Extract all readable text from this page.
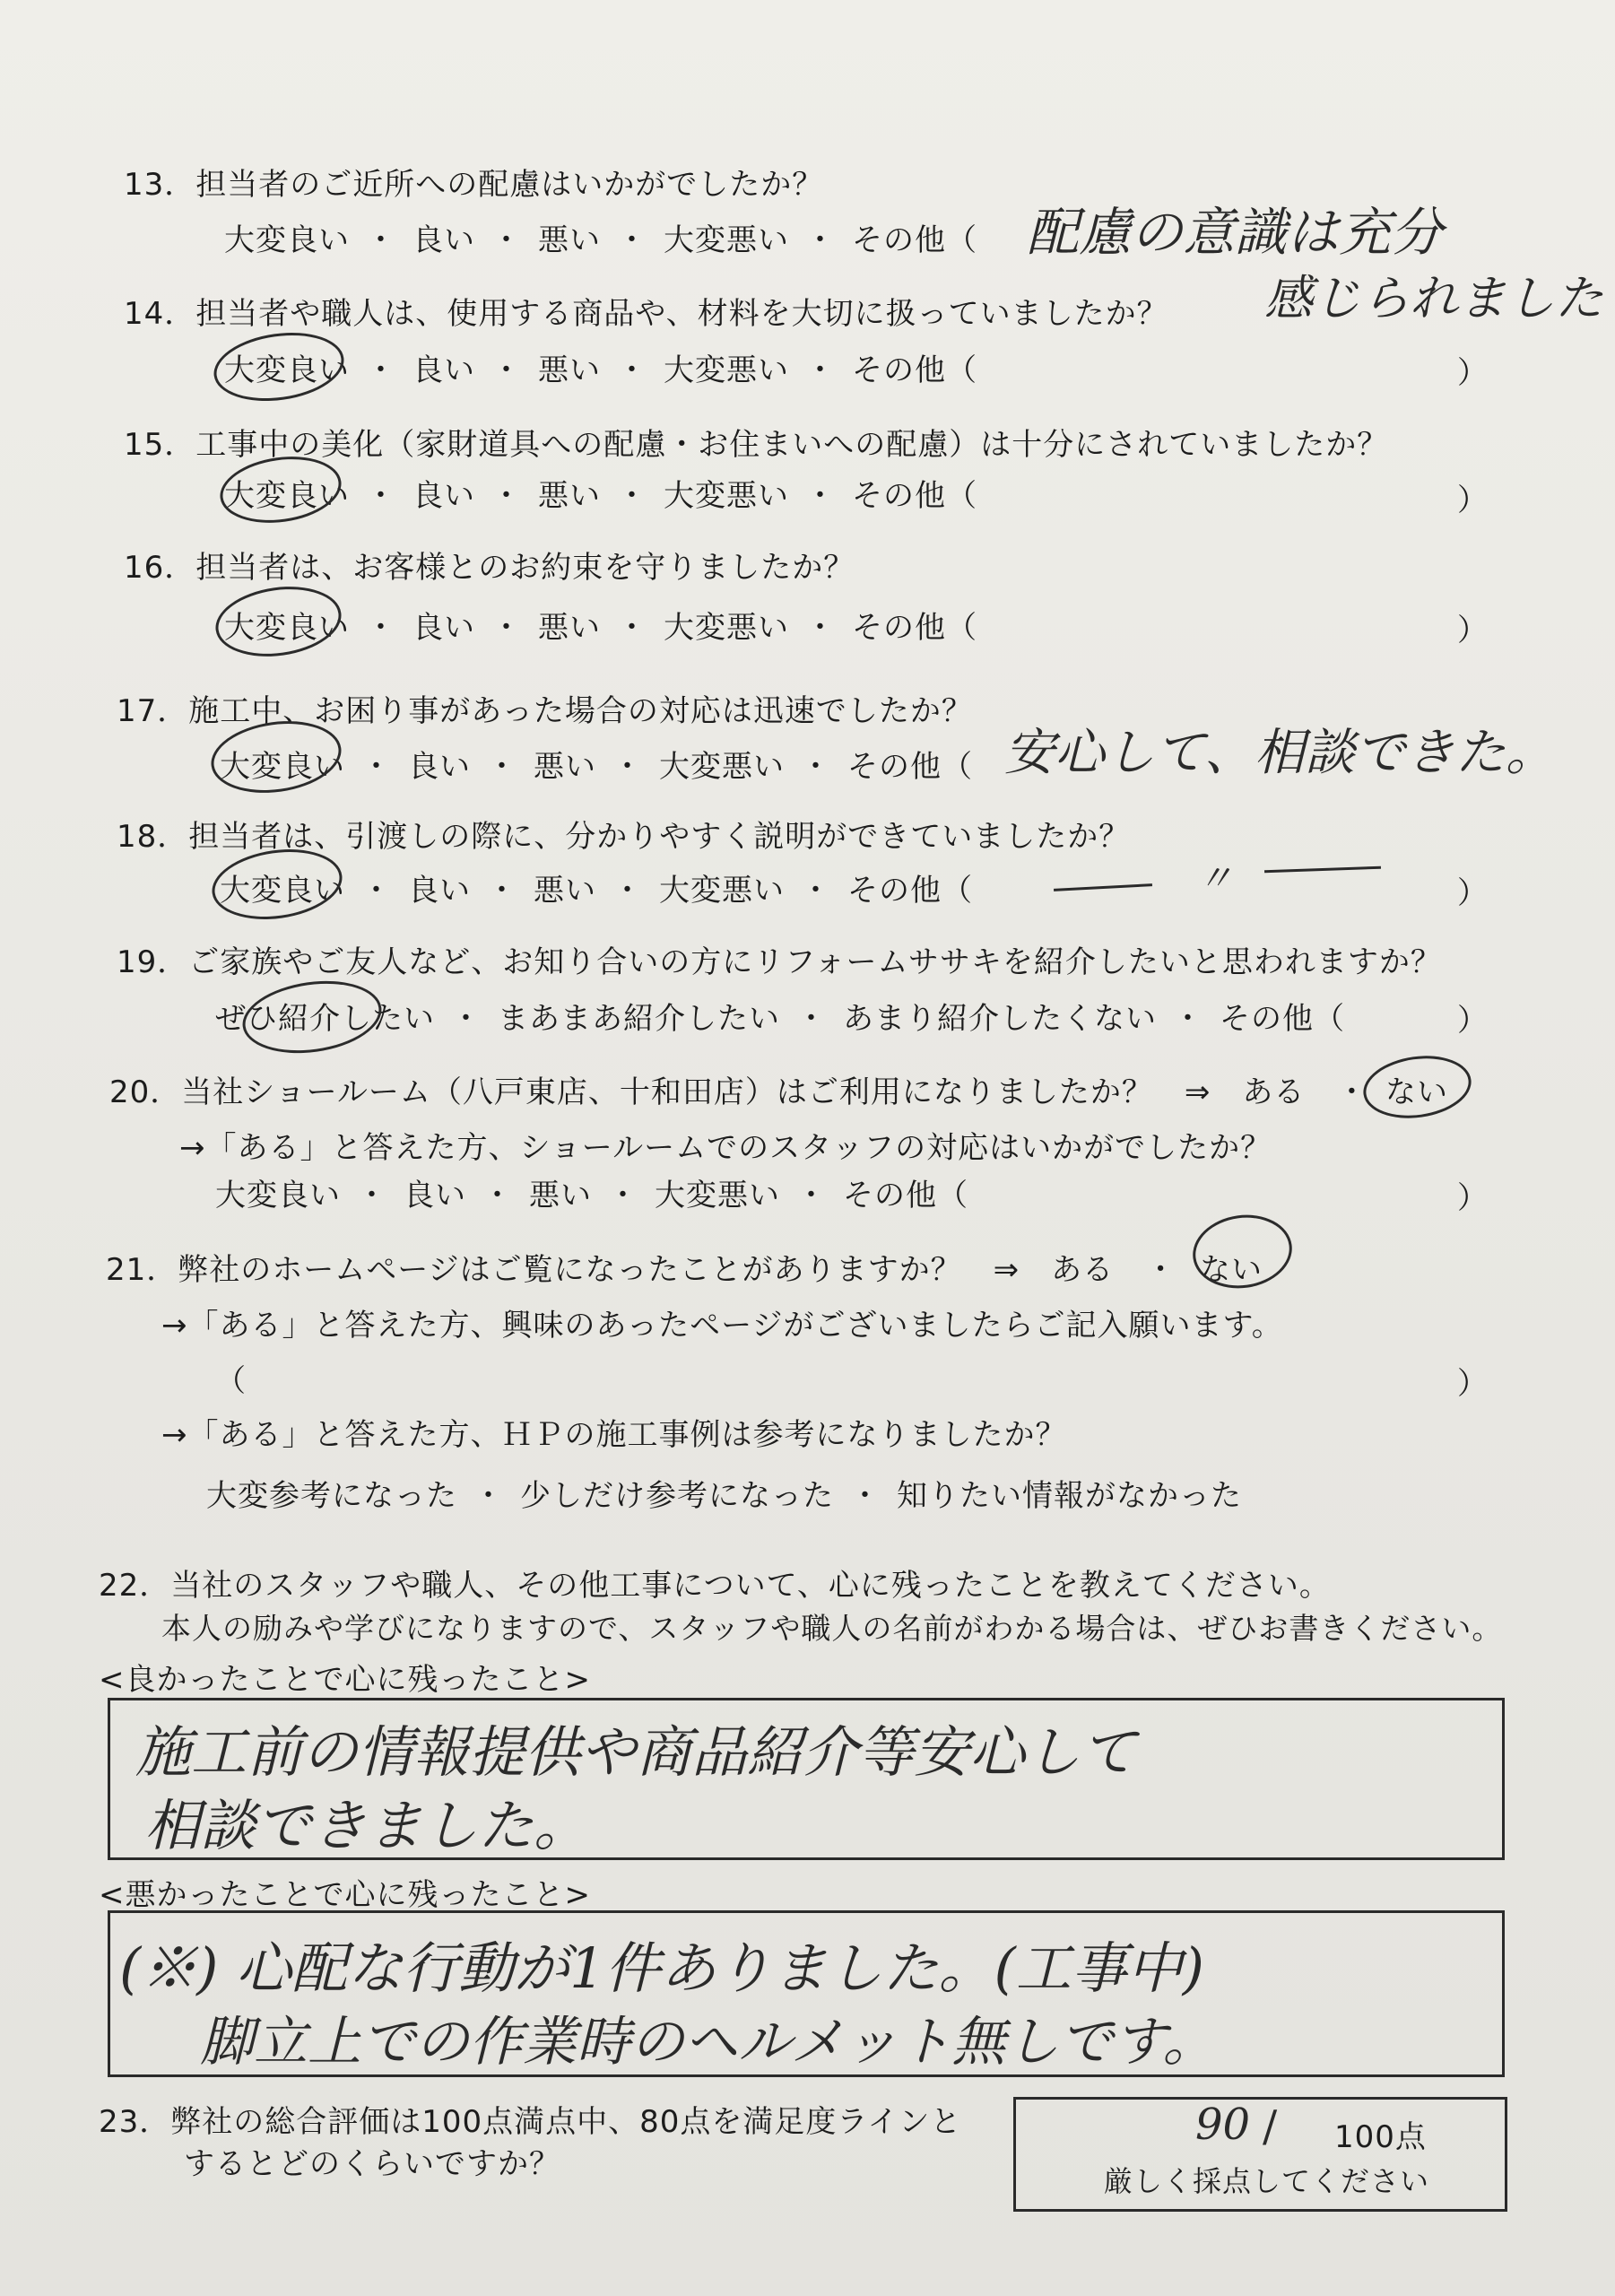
13．担当者のご近所への配慮はいかがでしたか？
大変良い ・ 良い ・ 悪い ・ 大変悪い ・ その他（ 配慮の意識は充分
感じられました
14．担当者や職人は、使用する商品や、材料を大切に扱っていましたか？
大変良い ・ 良い ・ 悪い ・ 大変悪い ・ その他（	）
15．工事中の美化（家財道具への配慮・お住まいへの配慮）は十分にされていましたか？
大変良い ・ 良い ・ 悪い ・ 大変悪い ・ その他（	）
16．担当者は、お客様とのお約束を守りましたか？
大変良い ・ 良い ・ 悪い ・ 大変悪い ・ その他（	）
17．施工中、お困り事があった場合の対応は迅速でしたか？
大変良い ・ 良い ・ 悪い ・ 大変悪い ・ その他（ 安心して、相談できた。
18．担当者は、引渡しの際に、分かりやすく説明ができていましたか？
大変良い ・ 良い ・ 悪い ・ 大変悪い ・ その他（	〃	）
19．ご家族やご友人など、お知り合いの方にリフォームササキを紹介したいと思われますか？
ぜひ紹介したい ・ まあまあ紹介したい ・ あまり紹介したくない ・ その他（	）
20．当社ショールーム（八戸東店、十和田店）はご利用になりましたか？　⇒　ある　・ ない
→「ある」と答えた方、ショールームでのスタッフの対応はいかがでしたか？
大変良い ・ 良い ・ 悪い ・ 大変悪い ・ その他（	）
21．弊社のホームページはご覧になったことがありますか？　⇒　ある　・ ない
→「ある」と答えた方、興味のあったページがございましたらご記入願います。
（	）
→「ある」と答えた方、ＨＰの施工事例は参考になりましたか？
大変参考になった ・ 少しだけ参考になった ・ 知りたい情報がなかった
22．当社のスタッフや職人、その他工事について、心に残ったことを教えてください。
本人の励みや学びになりますので、スタッフや職人の名前がわかる場合は、ぜひお書きください。
<良かったことで心に残ったこと>
施工前の情報提供や商品紹介等安心して
相談できました。
<悪かったことで心に残ったこと>
(※) 心配な行動が1件ありました。(工事中)
脚立上での作業時のヘルメット無しです。
23．弊社の総合評価は100点満点中、80点を満足度ラインと
するとどのくらいですか？
90 / 100点
厳しく採点してください
